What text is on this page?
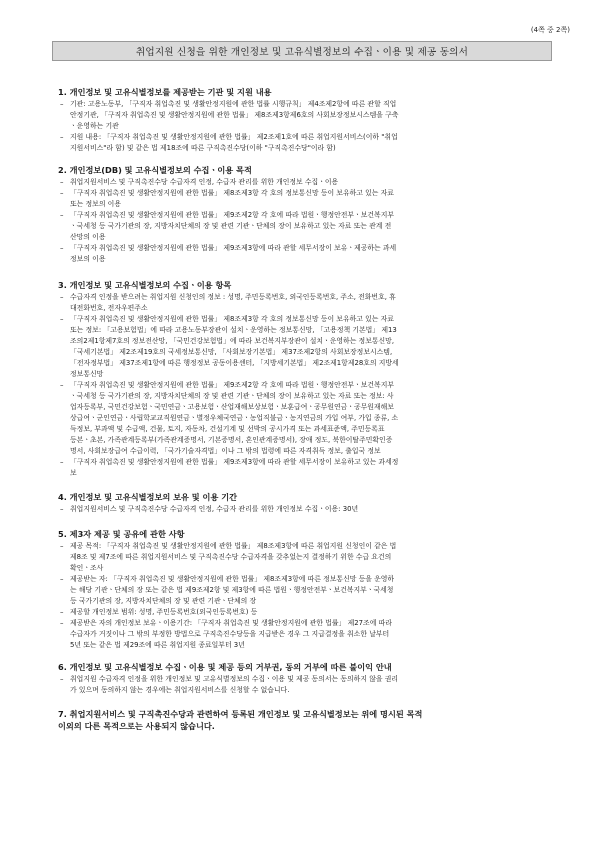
(4쪽 중 2쪽)
취업지원 신청을 위한 개인정보 및 고유식별정보의 수집ㆍ이용 및 제공 동의서
1. 개인정보 및 고유식별정보를 제공받는 기관 및 지원 내용
– 기관: 고용노동부, 「구직자 취업촉진 및 생활안정지원에 관한 법률 시행규칙」 제4조제2항에 따른 관할 직업
안정기관, 「구직자 취업촉진 및 생활안정지원에 관한 법률」 제8조제3항제6호의 사회보장정보시스템을 구축
ㆍ운영하는 기관
– 지원 내용: 「구직자 취업촉진 및 생활안정지원에 관한 법률」 제2조제1호에 따른 취업지원서비스(이하 "취업
지원서비스"라 함) 및 같은 법 제18조에 따른 구직촉진수당(이하 "구직촉진수당"이라 함)
2. 개인정보(DB) 및 고유식별정보의 수집ㆍ이용 목적
– 취업지원서비스 및 구직촉진수당 수급자격 인정, 수급자 관리를 위한 개인정보 수집ㆍ이용
– 「구직자 취업촉진 및 생활안정지원에 관한 법률」 제8조제3항 각 호의 정보통신망 등이 보유하고 있는 자료
또는 정보의 이용
– 「구직자 취업촉진 및 생활안정지원에 관한 법률」 제9조제2항 각 호에 따라 법원ㆍ행정안전부ㆍ보건복지부
ㆍ국세청 등 국가기관의 장, 지방자치단체의 장 및 관련 기관ㆍ단체의 장이 보유하고 있는 자료 또는 관계 전
산망의 이용
– 「구직자 취업촉진 및 생활안정지원에 관한 법률」 제9조제3항에 따라 관할 세무서장이 보유ㆍ제공하는 과세
정보의 이용
3. 개인정보 및 고유식별정보의 수집ㆍ이용 항목
– 수급자격 인정을 받으려는 취업지원 신청인의 정보 : 성명, 주민등록번호, 외국인등록번호, 주소, 전화번호, 휴
대전화번호, 전자우편주소
– 「구직자 취업촉진 및 생활안정지원에 관한 법률」 제8조제3항 각 호의 정보통신망 등이 보유하고 있는 자료
또는 정보: 「고용보험법」에 따라 고용노동부장관이 설치ㆍ운영하는 정보통신망, 「고용정책 기본법」 제13
조의2제1항제7호의 정보전산망, 「국민건강보험법」에 따라 보건복지부장관이 설치ㆍ운영하는 정보통신망,
「국세기본법」 제2조제19호의 국세정보통신망, 「사회보장기본법」 제37조제2항의 사회보장정보시스템,
「전자정부법」 제37조제1항에 따른 행정정보 공동이용센터, 「지방세기본법」 제2조제1항제28호의 지방세
정보통신망
– 「구직자 취업촉진 및 생활안정지원에 관한 법률」 제9조제2항 각 호에 따라 법원ㆍ행정안전부ㆍ보건복지부
ㆍ국세청 등 국가기관의 장, 지방자치단체의 장 및 관련 기관ㆍ단체의 장이 보유하고 있는 자료 또는 정보: 사
업자등록부, 국민건강보험ㆍ국민연금ㆍ고용보험ㆍ산업재해보상보험ㆍ보훈급여ㆍ공무원연금ㆍ공무원재해보
상급여ㆍ군인연금ㆍ사립학교교직원연금ㆍ별정우체국연금ㆍ농업직불금ㆍ농지연금의 가입 여부, 가입 종류, 소
득정보, 부과액 및 수급액, 건물, 토지, 자동차, 건설기계 및 선박의 공시가격 또는 과세표준액, 주민등록표
등본ㆍ초본, 가족관계등록부(가족관계증명서, 기본증명서, 혼인관계증명서), 장애 정도, 북한이탈주민확인증
명서, 사회보장급여 수급이력, 「국가기술자격법」이나 그 밖의 법령에 따른 자격취득 정보, 출입국 정보
– 「구직자 취업촉진 및 생활안정지원에 관한 법률」 제9조제3항에 따라 관할 세무서장이 보유하고 있는 과세정
보
4. 개인정보 및 고유식별정보의 보유 및 이용 기간
– 취업지원서비스 및 구직촉진수당 수급자격 인정, 수급자 관리를 위한 개인정보 수집ㆍ이용: 30년
5. 제3자 제공 및 공유에 관한 사항
– 제공 목적: 「구직자 취업촉진 및 생활안정지원에 관한 법률」 제8조제3항에 따른 취업지원 신청인이 같은 법
제8조 및 제7조에 따른 취업지원서비스 및 구직촉진수당 수급자격을 갖추었는지 결정하기 위한 수급 요건의
확인ㆍ조사
– 제공받는 자: 「구직자 취업촉진 및 생활안정지원에 관한 법률」 제8조제3항에 따른 정보통신망 등을 운영하
는 해당 기관ㆍ단체의 장 또는 같은 법 제9조제2항 및 제3항에 따른 법원ㆍ행정안전부ㆍ보건복지부ㆍ국세청
등 국가기관의 장, 지방자치단체의 장 및 관련 기관ㆍ단체의 장
– 제공할 개인정보 범위: 성명, 주민등록번호(외국인등록번호) 등
– 제공받은 자의 개인정보 보유ㆍ이용기간: 「구직자 취업촉진 및 생활안정지원에 관한 법률」 제27조에 따라
수급자가 거짓이나 그 밖의 부정한 방법으로 구직촉진수당등을 지급받은 경우 그 지급결정을 취소한 날부터
5년 또는 같은 법 제29조에 따른 취업지원 종료일부터 3년
6. 개인정보 및 고유식별정보 수집ㆍ이용 및 제공 등의 거부권, 동의 거부에 따른 불이익 안내
– 취업지원 수급자격 인정을 위한 개인정보 및 고유식별정보의 수집ㆍ이용 및 제공 동의서는 동의하지 않을 권리
가 있으며 동의하지 않는 경우에는 취업지원서비스를 신청할 수 없습니다.
7. 취업지원서비스 및 구직촉진수당과 관련하여 등록된 개인정보 및 고유식별정보는 위에 명시된 목적
이외의 다른 목적으로는 사용되지 않습니다.
